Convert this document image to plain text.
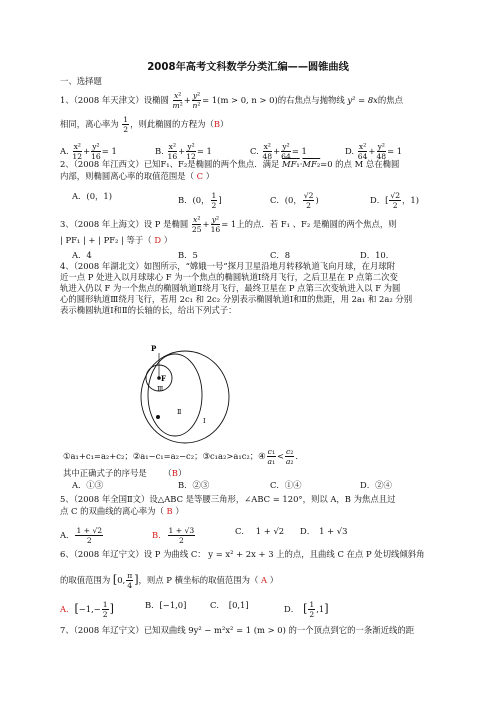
2008年高考文科数学分类汇编——圆锥曲线
一、选择题
1、（2008 年天津文）设椭圆 $\frac{\text{x²}}{\text{m²}} + \frac{\text{y²}}{\text{n²}} = 1(m > 0$, n > 0)的右焦点与抛物线 y² = 8x的焦点
相同，离心率为 $\frac{1}{2}$ ，则此椭圆的方程为（B）
A. $\frac{\text{x²}}{12} + \frac{\text{y²}}{16} = 1$	B. $\frac{\text{x²}}{16} + \frac{\text{y²}}{12} = 1$	C. $\frac{\text{x²}}{48} + \frac{\text{y²}}{64} = 1$	D. $\frac{\text{x²}}{64} + \frac{\text{y²}}{48} = 1$
2、（2008 年江西文）已知F₁、F₂是椭圆的两个焦点．满足 MF₁·MF₂=0 的点 M 总在椭圆
内部，则椭圆离心率的取值范围是（ C ）
A．(0，1)	B．(0， $\frac{1}{2}$ ]	C．(0， $\frac{√2}{2}$ )	D．[ $\frac{√2}{2}$ ，1)
3、（2008 年上海文）设 P 是椭圆 $\frac{\text{x²}}{25} + \frac{\text{y²}}{16} = 1$上的点．若 F₁ 、F₂ 是椭圆的两个焦点，则
| PF₁ | + | PF₂ | 等于（ D ）
A．4	B．5	C．8	D．10．
4、（2008 年湖北文）如图所示，“嫦娥一号”探月卫星沿地月转移轨道飞向月球，在月球附
近一点 P 处进入以月球球心 F 为一个焦点的椭圆轨道Ⅰ绕月飞行，之后卫星在 P 点第二次变
轨进入仍以 F 为一个焦点的椭圆轨道Ⅱ绕月飞行，最终卫星在 P 点第三次变轨进入以 F 为圆
心的圆形轨道Ⅲ绕月飞行，若用 2c₁ 和 2c₂ 分别表示椭圆轨道Ⅰ和Ⅱ的焦距，用 2a₁ 和 2a₂ 分别
表示椭圆轨道Ⅰ和Ⅱ的长轴的长，给出下列式子：
P
F
Ⅲ
Ⅱ
Ⅰ
①a₁+c₁=a₂+c₂；②a₁−c₁=a₂−c₂；③c₁a₂>a₁c₂；④ $\frac{\text{c₁}}{\text{a₁}} < \frac{\text{c₂}}{\text{a₂}}$ ．
其中正确式子的序号是 （B）
A．①③	B．②③	C．①④	D．②④
5、（2008 年全国Ⅱ文）设△ABC 是等腰三角形，∠ABC = 120°，则以 A，B 为焦点且过
点 C 的双曲线的离心率为（ B ）
A． $\frac{1 + √2}{2}$	B． $\frac{1 + √3}{2}$	C． 1 + √2 D． 1 + √3
6、（2008 年辽宁文）设 P 为曲线 C： y = x² + 2x + 3 上的点，且曲线 C 在点 P 处切线倾斜角
的取值范围为 [0, $\frac{\pi}{4}$ ]，则点 P 横坐标的取值范围为（ A ）
A．[$-1,- \frac{1}{2}$ ]	B．[−1,0]	C． [0,1]	D． [ $\frac{1}{2} ,1$]
7、（2008 年辽宁文）已知双曲线 9y² − m²x² = 1 (m > 0) 的一个顶点到它的一条渐近线的距
